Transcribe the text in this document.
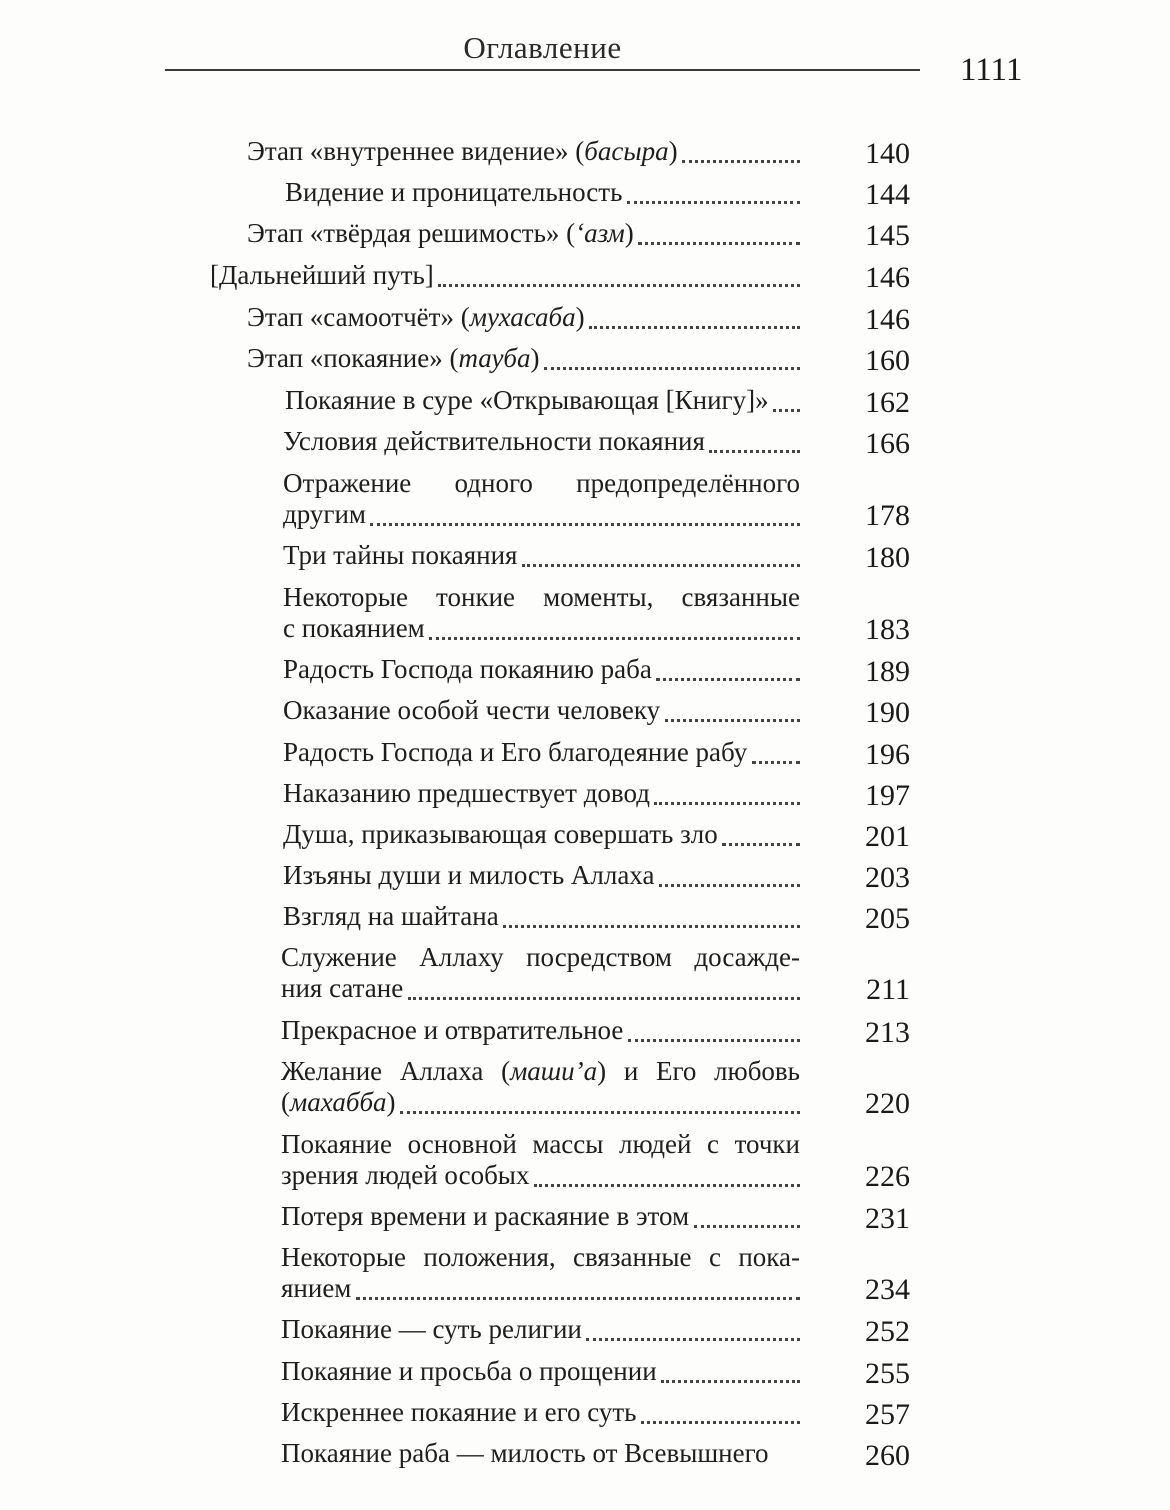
Оглавление
1111
Этап «внутреннее видение» (басыра)	140
Видение и проницательность	144
Этап «твёрдая решимость» (‘азм)	145
[Дальнейший путь]	146
Этап «самоотчёт» (мухасаба)	146
Этап «покаяние» (тауба)	160
Покаяние в суре «Открывающая [Книгу]»	162
Условия действительности покаяния	166
Отражение одного предопределённого
другим	178
Три тайны покаяния	180
Некоторые тонкие моменты, связанные
с покаянием	183
Радость Господа покаянию раба	189
Оказание особой чести человеку	190
Радость Господа и Его благодеяние рабу	196
Наказанию предшествует довод	197
Душа, приказывающая совершать зло	201
Изъяны души и милость Аллаха	203
Взгляд на шайтана	205
Служение Аллаху посредством досажде-
ния сатане	211
Прекрасное и отвратительное	213
Желание Аллаха (маши’а) и Его любовь
(махабба)	220
Покаяние основной массы людей с точки
зрения людей особых	226
Потеря времени и раскаяние в этом	231
Некоторые положения, связанные с пока-
янием	234
Покаяние — суть религии	252
Покаяние и просьба о прощении	255
Искреннее покаяние и его суть	257
Покаяние раба — милость от Всевышнего	260
